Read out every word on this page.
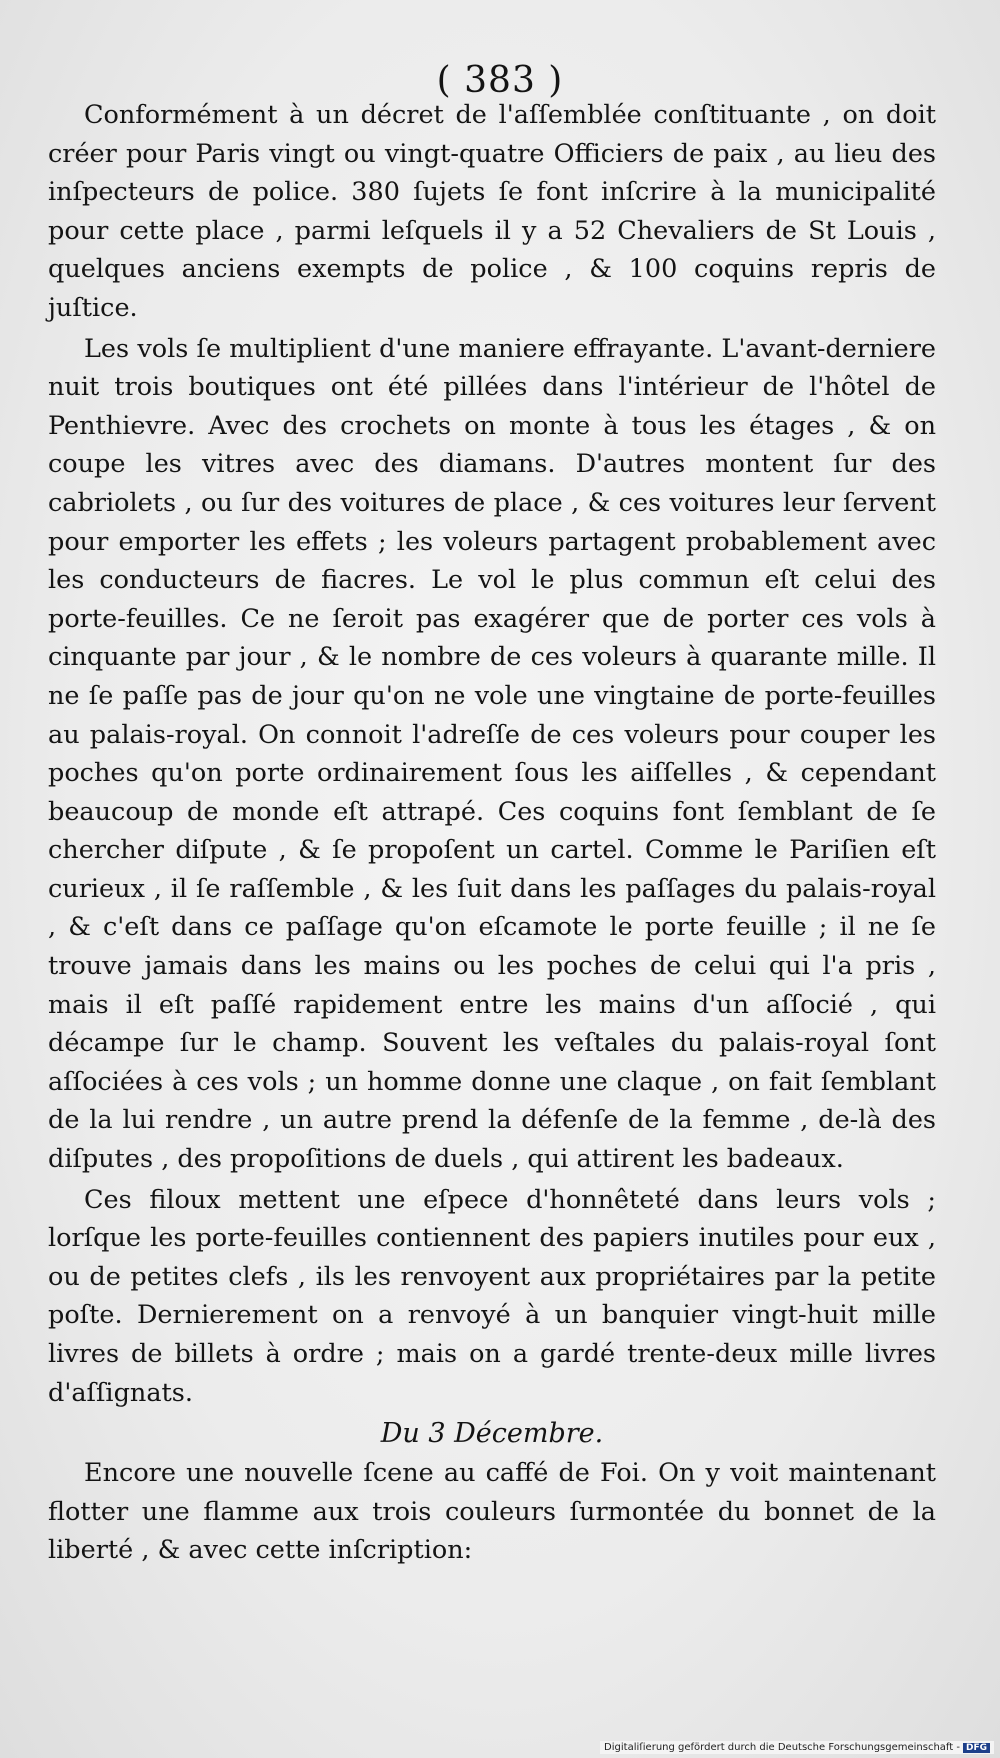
( 383 )

Conformément à un décret de l'aſſemblée conſtituante , on doit créer pour Paris vingt ou vingt-quatre Officiers de paix , au lieu des inſpecteurs de police. 380 ſujets ſe font inſcrire à la municipalité pour cette place , parmi leſquels il y a 52 Chevaliers de St Louis , quelques anciens exempts de police , & 100 coquins repris de juſtice.

Les vols ſe multiplient d'une maniere effrayante. L'avant-derniere nuit trois boutiques ont été pillées dans l'intérieur de l'hôtel de Penthievre. Avec des crochets on monte à tous les étages , & on coupe les vitres avec des diamans. D'autres montent ſur des cabriolets , ou ſur des voitures de place , & ces voitures leur ſervent pour emporter les effets ; les voleurs partagent probablement avec les conducteurs de fiacres. Le vol le plus commun eſt celui des porte-feuilles. Ce ne ſeroit pas exagérer que de porter ces vols à cinquante par jour , & le nombre de ces voleurs à quarante mille. Il ne ſe paſſe pas de jour qu'on ne vole une vingtaine de porte-feuilles au palais-royal. On connoit l'adreſſe de ces voleurs pour couper les poches qu'on porte ordinairement ſous les aiſſelles , & cependant beaucoup de monde eſt attrapé. Ces coquins font ſemblant de ſe chercher diſpute , & ſe propoſent un cartel. Comme le Pariſien eſt curieux , il ſe raſſemble , & les ſuit dans les paſſages du palais-royal , & c'eſt dans ce paſſage qu'on eſcamote le porte feuille ; il ne ſe trouve jamais dans les mains ou les poches de celui qui l'a pris , mais il eſt paſſé rapidement entre les mains d'un aſſocié , qui décampe ſur le champ. Souvent les veſtales du palais-royal ſont aſſociées à ces vols ; un homme donne une claque , on fait ſemblant de la lui rendre , un autre prend la défenſe de la femme , de-là des diſputes , des propoſitions de duels , qui attirent les badeaux.

Ces filoux mettent une eſpece d'honnêteté dans leurs vols ; lorſque les porte-feuilles contiennent des papiers inutiles pour eux , ou de petites clefs , ils les renvoyent aux propriétaires par la petite poſte. Dernierement on a renvoyé à un banquier vingt-huit mille livres de billets à ordre ; mais on a gardé trente-deux mille livres d'aſſignats.

Du 3 Décembre.

Encore une nouvelle ſcene au caffé de Foi. On y voit maintenant flotter une flamme aux trois couleurs ſurmontée du bonnet de la liberté , & avec cette inſcription:

Digitaliſierung gefördert durch die Deutsche Forschungsgemeinschaft - DFG
